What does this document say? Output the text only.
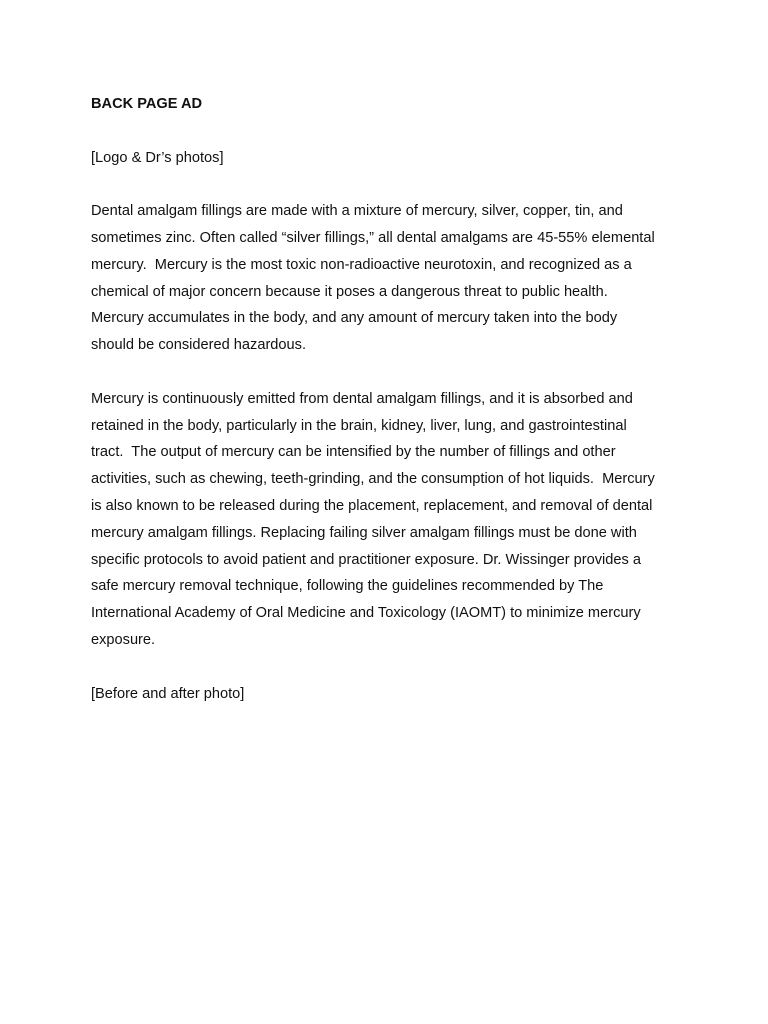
BACK PAGE AD
[Logo & Dr’s photos]
Dental amalgam fillings are made with a mixture of mercury, silver, copper, tin, and
sometimes zinc. Often called “silver fillings,” all dental amalgams are 45-55% elemental
mercury.  Mercury is the most toxic non-radioactive neurotoxin, and recognized as a
chemical of major concern because it poses a dangerous threat to public health.
Mercury accumulates in the body, and any amount of mercury taken into the body
should be considered hazardous.
Mercury is continuously emitted from dental amalgam fillings, and it is absorbed and
retained in the body, particularly in the brain, kidney, liver, lung, and gastrointestinal
tract.  The output of mercury can be intensified by the number of fillings and other
activities, such as chewing, teeth-grinding, and the consumption of hot liquids.  Mercury
is also known to be released during the placement, replacement, and removal of dental
mercury amalgam fillings. Replacing failing silver amalgam fillings must be done with
specific protocols to avoid patient and practitioner exposure. Dr. Wissinger provides a
safe mercury removal technique, following the guidelines recommended by The
International Academy of Oral Medicine and Toxicology (IAOMT) to minimize mercury
exposure.
[Before and after photo]
